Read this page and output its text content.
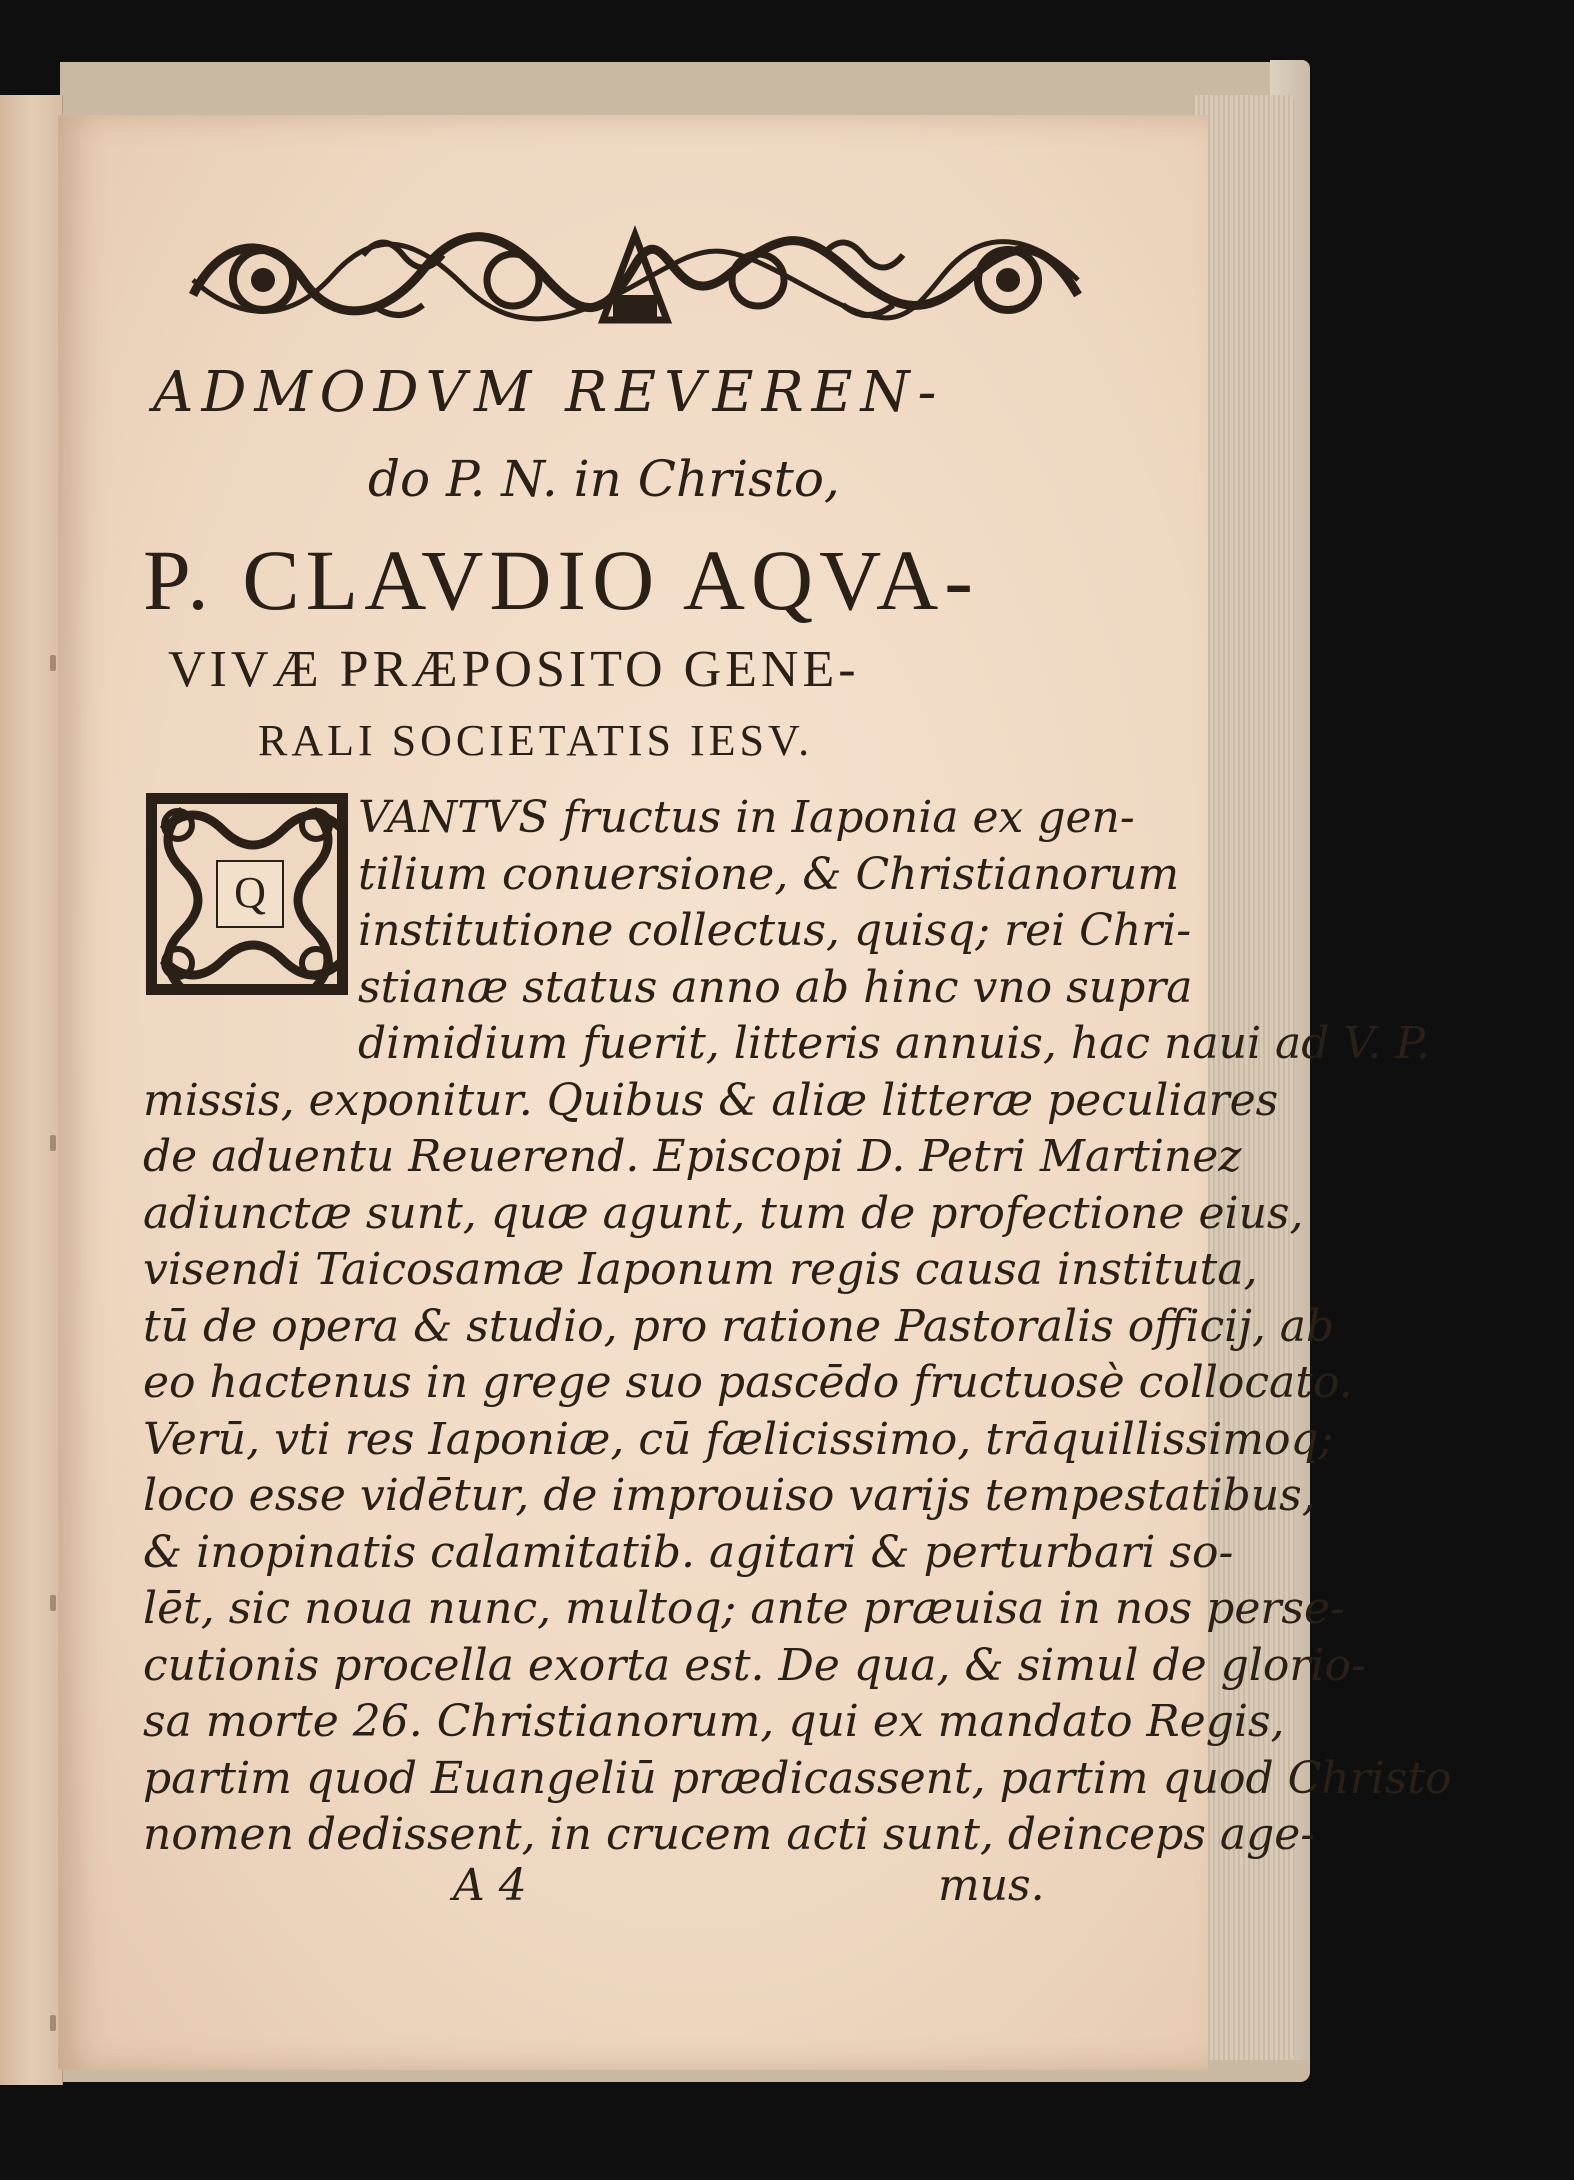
ADMODVM REVEREN-
do P. N. in Christo,
P. CLAVDIO AQVA-
VIVÆ PRÆPOSITO GENE-
RALI SOCIETATIS IESV.
Q
VANTVS fructus in Iaponia ex gen-
tilium conuersione, & Christianorum
institutione collectus, quisq; rei Chri-
stianæ status anno ab hinc vno supra
dimidium fuerit, litteris annuis, hac naui ad V. P.
missis, exponitur. Quibus & aliæ litteræ peculiares
de aduentu Reuerend. Episcopi D. Petri Martinez
adiunctæ sunt, quæ agunt, tum de profectione eius,
visendi Taicosamæ Iaponum regis causa instituta,
tū de opera & studio, pro ratione Pastoralis officij, ab
eo hactenus in grege suo pascēdo fructuosè collocato.
Verū, vti res Iaponiæ, cū fælicissimo, trāquillissimoq;
loco esse vidētur, de improuiso varijs tempestatibus,
& inopinatis calamitatib. agitari & perturbari so-
lēt, sic noua nunc, multoq; ante præuisa in nos perse-
cutionis procella exorta est. De qua, & simul de glorio-
sa morte 26. Christianorum, qui ex mandato Regis,
partim quod Euangeliū prædicassent, partim quod Christo
nomen dedissent, in crucem acti sunt, deinceps age-
A 4	mus.
